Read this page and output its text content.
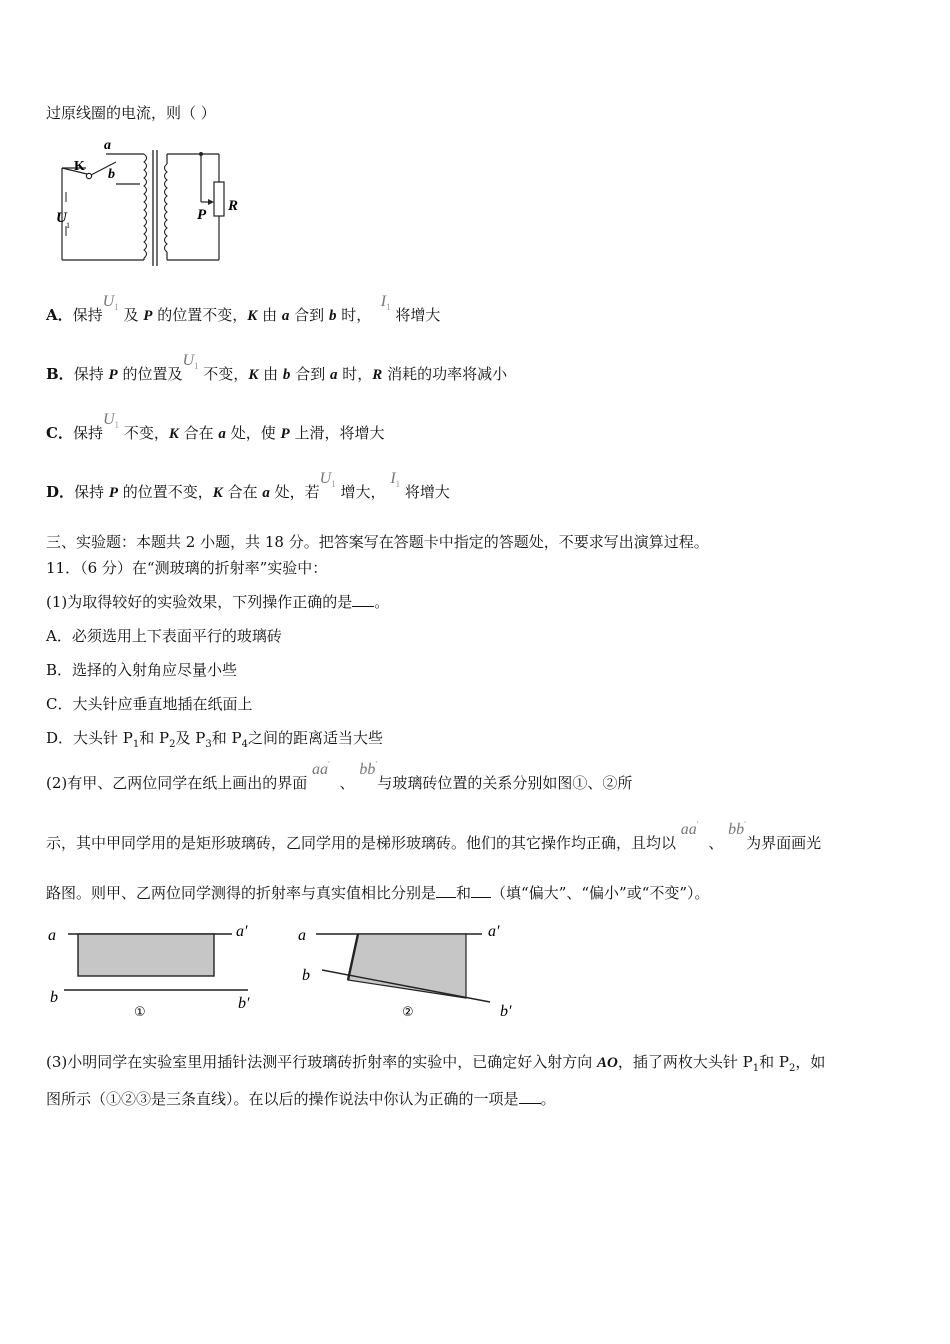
过原线圈的电流，则（ ）
K
a
b
U 1
P
R
A．保持$U_1$ 及 P 的位置不变，K 由 a 合到 b 时，  $I_1$ 将增大
B．保持 P 的位置及$U_1$ 不变，K 由 b 合到 a 时，R 消耗的功率将减小
C．保持$U_1$ 不变，K 合在 a 处，使 P 上滑，将增大
D．保持 P 的位置不变，K 合在 a 处，若$U_1$ 增大， $I_1$ 将增大
三、实验题：本题共 2 小题，共 18 分。把答案写在答题卡中指定的答题处，不要求写出演算过程。
11．（6 分）在“测玻璃的折射率”实验中：
(1)为取得较好的实验效果，下列操作正确的是 。
A．必须选用上下表面平行的玻璃砖
B．选择的入射角应尽量小些
C．大头针应垂直地插在纸面上
D．大头针 $P_1$和 $P_2$及 $P_3$和 $P_4$之间的距离适当大些
(2)有甲、乙两位同学在纸上画出的界面 aa′  、 bb′与玻璃砖位置的关系分别如图①、②所
示，其中甲同学用的是矩形玻璃砖，乙同学用的是梯形玻璃砖。他们的其它操作均正确，且均以 aa′  、 bb′为界面画光
路图。则甲、乙两位同学测得的折射率与真实值相比分别是 和 （填“偏大”、“偏小”或“不变”）。
a	a′
b	b′
①
a	a′
b
b′
②
(3)小明同学在实验室里用插针法测平行玻璃砖折射率的实验中，已确定好入射方向 AO，插了两枚大头针 $P_1$和 $P_2$，如
图所示（①②③是三条直线）。在以后的操作说法中你认为正确的一项是 。
